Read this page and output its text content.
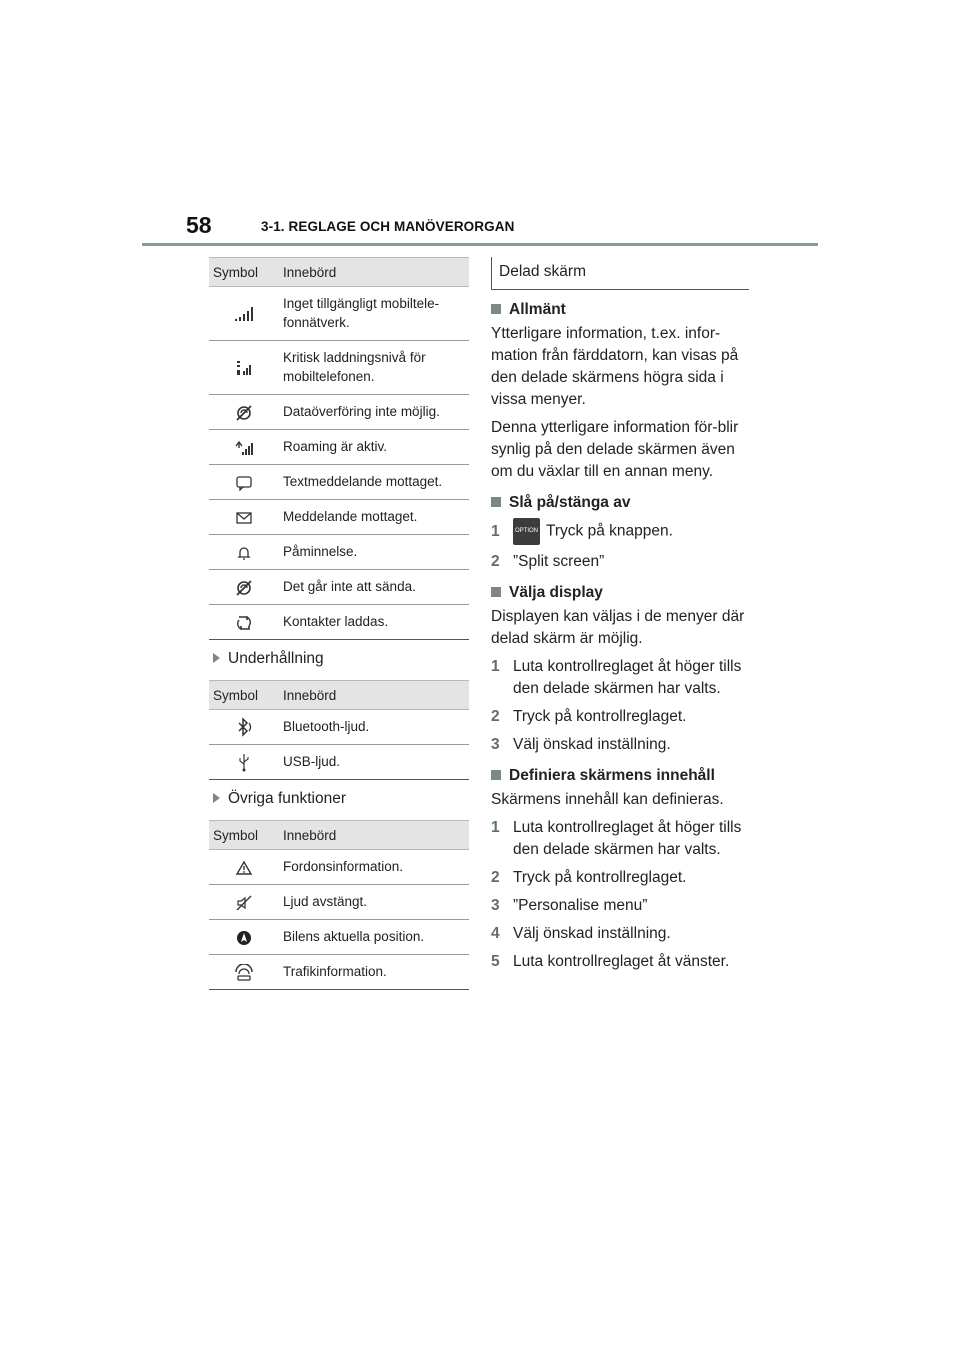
58	3-1. REGLAGE OCH MANÖVERORGAN
Symbol	Innebörd
	Inget tillgängligt mobiltele-fonnätverk.
	Kritisk laddningsnivå för mobiltelefonen.
	Dataöverföring inte möjlig.
	Roaming är aktiv.
	Textmeddelande mottaget.
	Meddelande mottaget.
	Påminnelse.
	Det går inte att sända.
	Kontakter laddas.
Underhållning
Symbol	Innebörd
	Bluetooth-ljud.
	USB-ljud.
Övriga funktioner
Symbol	Innebörd
	Fordonsinformation.
	Ljud avstängt.
	Bilens aktuella position.
	Trafikinformation.
Delad skärm
Allmänt

Ytterligare information, t.ex. infor-mation från färddatorn, kan visas på den delade skärmens högra sida i vissa menyer.

Denna ytterligare information för-blir synlig på den delade skärmen även om du växlar till en annan meny.

Slå på/stänga av
1	OPTION Tryck på knappen.
2 ”Split screen”
Välja display

Displayen kan väljas i de menyer där delad skärm är möjlig.

1 Luta kontrollreglaget åt höger tills den delade skärmen har valts.
2 Tryck på kontrollreglaget.
3 Välj önskad inställning.
Definiera skärmens innehåll

Skärmens innehåll kan definieras.

1 Luta kontrollreglaget åt höger tills den delade skärmen har valts.
2 Tryck på kontrollreglaget.
3 ”Personalise menu”
4 Välj önskad inställning.
5 Luta kontrollreglaget åt vänster.
